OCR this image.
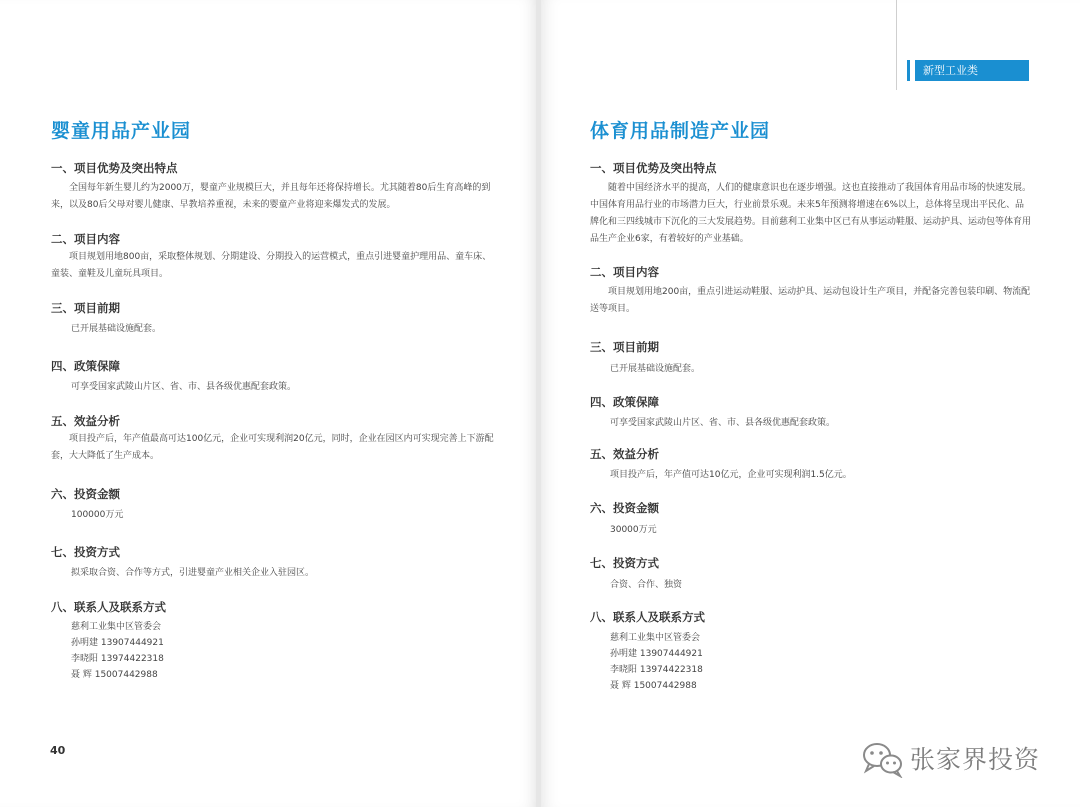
婴童用品产业园
一、项目优势及突出特点
全国每年新生婴儿约为2000万，婴童产业规模巨大，并且每年还将保持增长。尤其随着80后生育高峰的到来，以及80后父母对婴儿健康、早教培养重视，未来的婴童产业将迎来爆发式的发展。
二、项目内容
项目规划用地800亩，采取整体规划、分期建设、分期投入的运营模式，重点引进婴童护理用品、童车床、童装、童鞋及儿童玩具项目。
三、项目前期
已开展基础设施配套。
四、政策保障
可享受国家武陵山片区、省、市、县各级优惠配套政策。
五、效益分析
项目投产后，年产值最高可达100亿元，企业可实现利润20亿元，同时，企业在园区内可实现完善上下游配套，大大降低了生产成本。
六、投资金额
100000万元
七、投资方式
拟采取合资、合作等方式，引进婴童产业相关企业入驻园区。
八、联系人及联系方式
慈利工业集中区管委会
孙明建 13907444921
李晓阳 13974422318
聂 辉 15007442988
40
新型工业类
体育用品制造产业园
一、项目优势及突出特点
随着中国经济水平的提高，人们的健康意识也在逐步增强。这也直接推动了我国体育用品市场的快速发展。中国体育用品行业的市场潜力巨大，行业前景乐观。未来5年预测将增速在6%以上，总体将呈现出平民化、品牌化和三四线城市下沉化的三大发展趋势。目前慈利工业集中区已有从事运动鞋服、运动护具、运动包等体育用品生产企业6家，有着较好的产业基础。
二、项目内容
项目规划用地200亩，重点引进运动鞋服、运动护具、运动包设计生产项目，并配备完善包装印刷、物流配送等项目。
三、项目前期
已开展基础设施配套。
四、政策保障
可享受国家武陵山片区、省、市、县各级优惠配套政策。
五、效益分析
项目投产后，年产值可达10亿元，企业可实现利润1.5亿元。
六、投资金额
30000万元
七、投资方式
合资、合作、独资
八、联系人及联系方式
慈利工业集中区管委会
孙明建 13907444921
李晓阳 13974422318
聂 辉 15007442988
张家界投资
